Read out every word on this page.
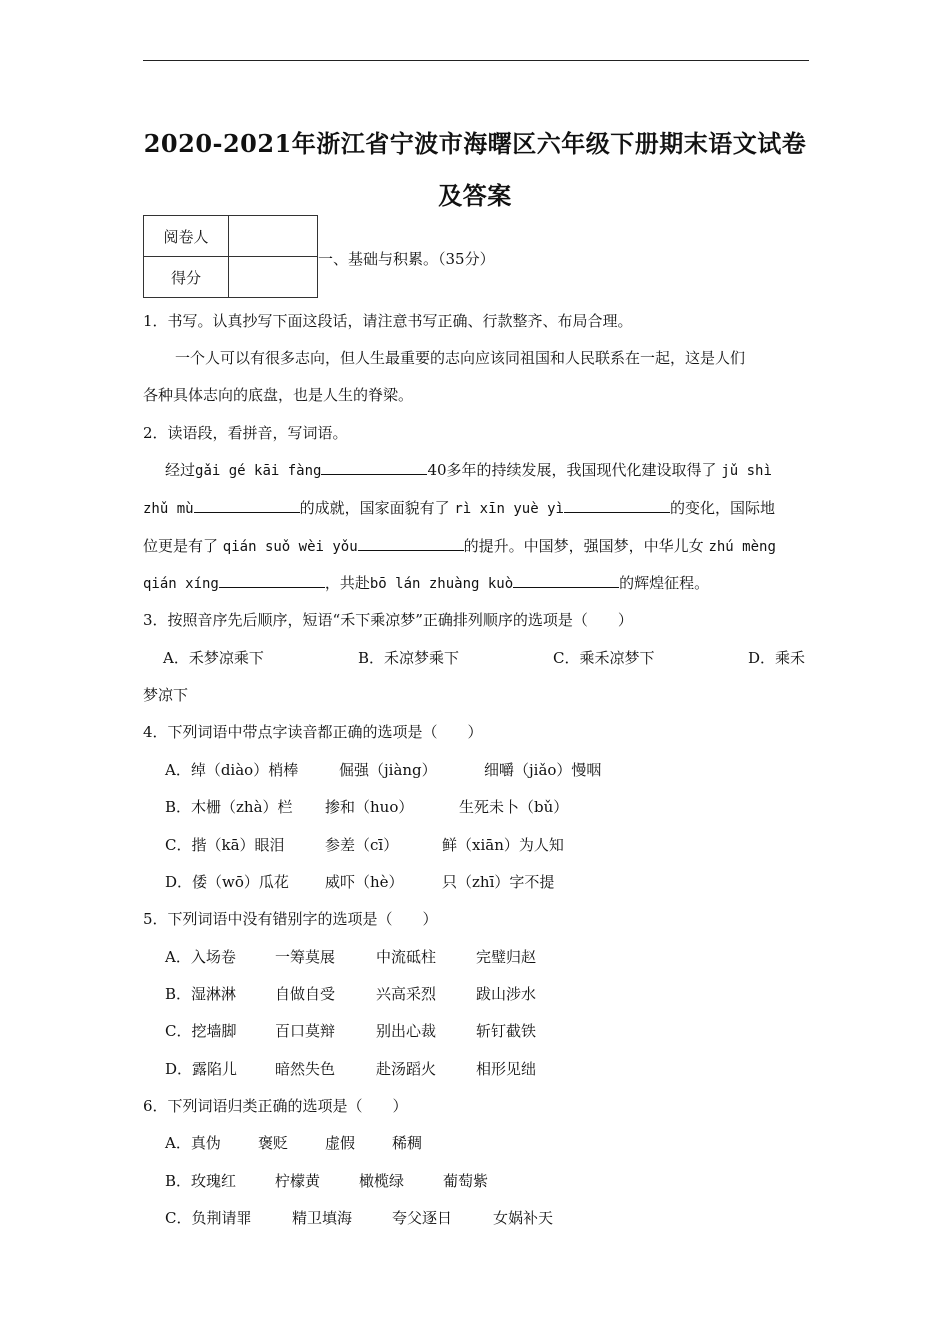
2020-2021年浙江省宁波市海曙区六年级下册期末语文试卷
及答案
阅卷人	
得分	
一、基础与积累。（35分）
1．书写。认真抄写下面这段话，请注意书写正确、行款整齐、布局合理。
一个人可以有很多志向，但人生最重要的志向应该同祖国和人民联系在一起，这是人们
各种具体志向的底盘，也是人生的脊梁。
2．读语段，看拼音，写词语。
经过gǎi gé kāi fàng	40多年的持续发展，我国现代化建设取得了 jǔ shì
zhǔ mù	的成就，国家面貌有了 rì xīn yuè yì	的变化，国际地
位更是有了 qián suǒ wèi yǒu	的提升。中国梦，强国梦，中华儿女 zhú mèng
qián xíng	，共赴bō lán zhuàng kuò	的辉煌征程。
3．按照音序先后顺序，短语“禾下乘凉梦”正确排列顺序的选项是（　　）
A．禾梦凉乘下	B．禾凉梦乘下	C．乘禾凉梦下	D．乘禾
梦凉下
4．下列词语中带点字读音都正确的选项是（　　）
A．绰（diào）梢棒	倔强（jiàng）	细嚼（jiǎo）慢咽
B．木栅（zhà）栏 掺和（huo）	生死未卜（bǔ）
C．揩（kā）眼泪	参差（cī）	鲜（xiān）为人知
D．倭（wō）瓜花 威吓（hè）	只（zhī）字不提
5．下列词语中没有错别字的选项是（　　）
A．入场卷	一筹莫展	中流砥柱	完璧归赵
B．湿淋淋	自做自受	兴高采烈	跋山涉水
C．挖墙脚	百口莫辩	别出心裁	斩钉截铁
D．露陷儿	暗然失色	赴汤蹈火	相形见绌
6．下列词语归类正确的选项是（　　）
A．真伪 褒贬 虚假 稀稠
B．玫瑰红	柠檬黄	橄榄绿	葡萄紫
C．负荆请罪	精卫填海	夸父逐日	女娲补天
